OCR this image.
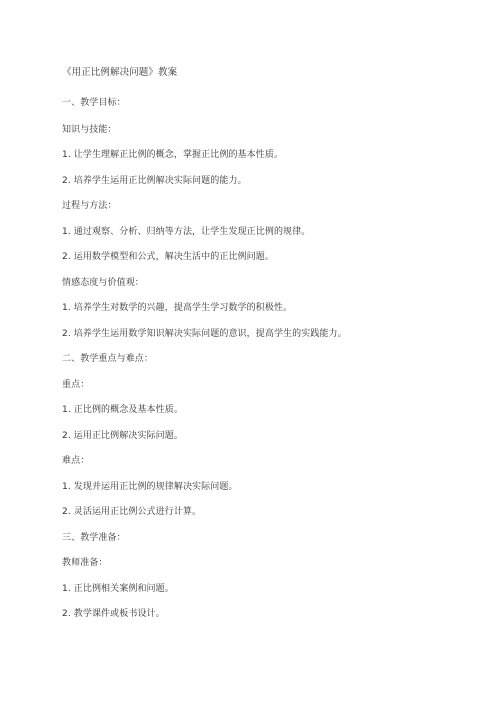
《用正比例解决问题》教案
一、教学目标：
知识与技能：
1. 让学生理解正比例的概念，掌握正比例的基本性质。
2. 培养学生运用正比例解决实际问题的能力。
过程与方法：
1. 通过观察、分析、归纳等方法，让学生发现正比例的规律。
2. 运用数学模型和公式，解决生活中的正比例问题。
情感态度与价值观：
1. 培养学生对数学的兴趣，提高学生学习数学的积极性。
2. 培养学生运用数学知识解决实际问题的意识，提高学生的实践能力。
二、教学重点与难点：
重点：
1. 正比例的概念及基本性质。
2. 运用正比例解决实际问题。
难点：
1. 发现并运用正比例的规律解决实际问题。
2. 灵活运用正比例公式进行计算。
三、教学准备：
教师准备：
1. 正比例相关案例和问题。
2. 教学课件或板书设计。
